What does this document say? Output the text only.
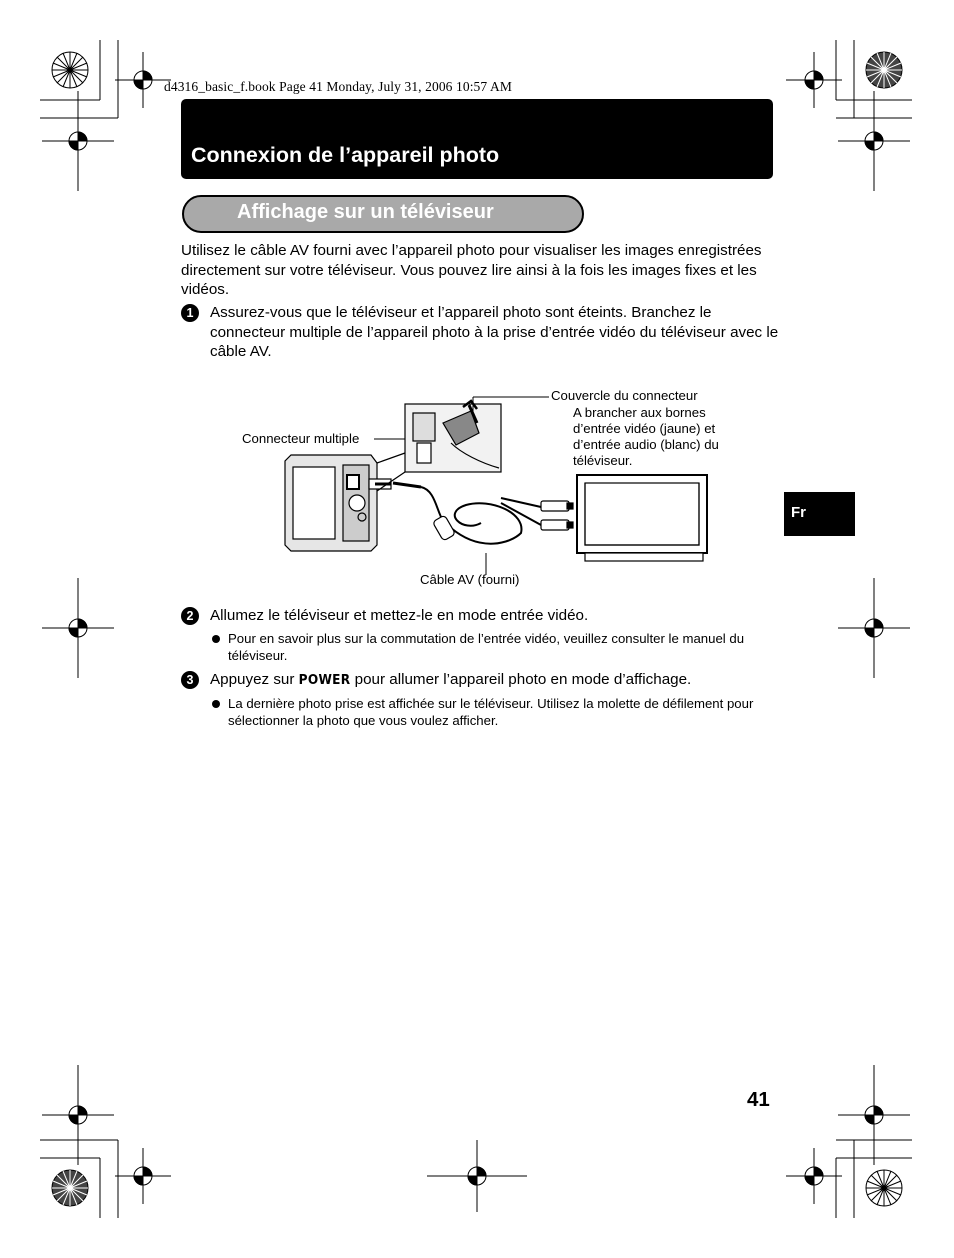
d4316_basic_f.book Page 41 Monday, July 31, 2006 10:57 AM
Connexion de l’appareil photo
Affichage sur un téléviseur
Utilisez le câble AV fourni avec l’appareil photo pour visualiser les images enregistrées directement sur votre téléviseur. Vous pouvez lire ainsi à la fois les images fixes et les vidéos.
1	Assurez-vous que le téléviseur et l’appareil photo sont éteints. Branchez le connecteur multiple de l’appareil photo à la prise d’entrée vidéo du téléviseur avec le câble AV.
Couvercle du connecteur
A brancher aux bornes
d’entrée vidéo (jaune) et
d’entrée audio (blanc) du
téléviseur.
Connecteur multiple
Câble AV (fourni)
2	Allumez le téléviseur et mettez-le en mode entrée vidéo.
Pour en savoir plus sur la commutation de l’entrée vidéo, veuillez consulter le manuel du téléviseur.
3	Appuyez sur POWER pour allumer l’appareil photo en mode d’affichage.
La dernière photo prise est affichée sur le téléviseur. Utilisez la molette de défilement pour sélectionner la photo que vous voulez afficher.
Fr
41
